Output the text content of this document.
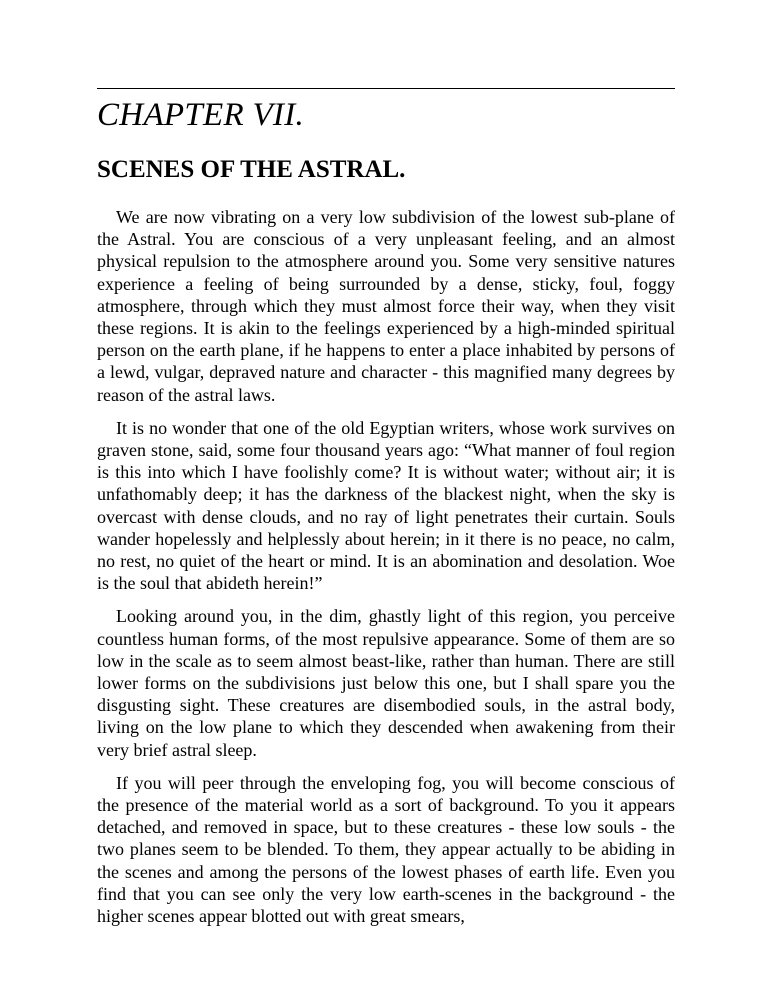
CHAPTER VII.
SCENES OF THE ASTRAL.

We are now vibrating on a very low subdivision of the lowest sub-plane of the Astral. You are conscious of a very unpleasant feeling, and an almost physical repulsion to the atmosphere around you. Some very sensitive natures experience a feeling of being surrounded by a dense, sticky, foul, foggy atmosphere, through which they must almost force their way, when they visit these regions. It is akin to the feelings experienced by a high-minded spiritual person on the earth plane, if he happens to enter a place inhabited by persons of a lewd, vulgar, depraved nature and character - this magnified many degrees by reason of the astral laws.

It is no wonder that one of the old Egyptian writers, whose work survives on graven stone, said, some four thousand years ago: “What manner of foul region is this into which I have foolishly come? It is without water; without air; it is unfathomably deep; it has the darkness of the blackest night, when the sky is overcast with dense clouds, and no ray of light penetrates their curtain. Souls wander hopelessly and helplessly about herein; in it there is no peace, no calm, no rest, no quiet of the heart or mind. It is an abomination and desolation. Woe is the soul that abideth herein!”

Looking around you, in the dim, ghastly light of this region, you perceive countless human forms, of the most repulsive appearance. Some of them are so low in the scale as to seem almost beast-like, rather than human. There are still lower forms on the subdivisions just below this one, but I shall spare you the disgusting sight. These creatures are disembodied souls, in the astral body, living on the low plane to which they descended when awakening from their very brief astral sleep.

If you will peer through the enveloping fog, you will become conscious of the presence of the material world as a sort of background. To you it appears detached, and removed in space, but to these creatures - these low souls - the two planes seem to be blended. To them, they appear actually to be abiding in the scenes and among the persons of the lowest phases of earth life. Even you find that you can see only the very low earth-scenes in the background - the higher scenes appear blotted out with great smears,
